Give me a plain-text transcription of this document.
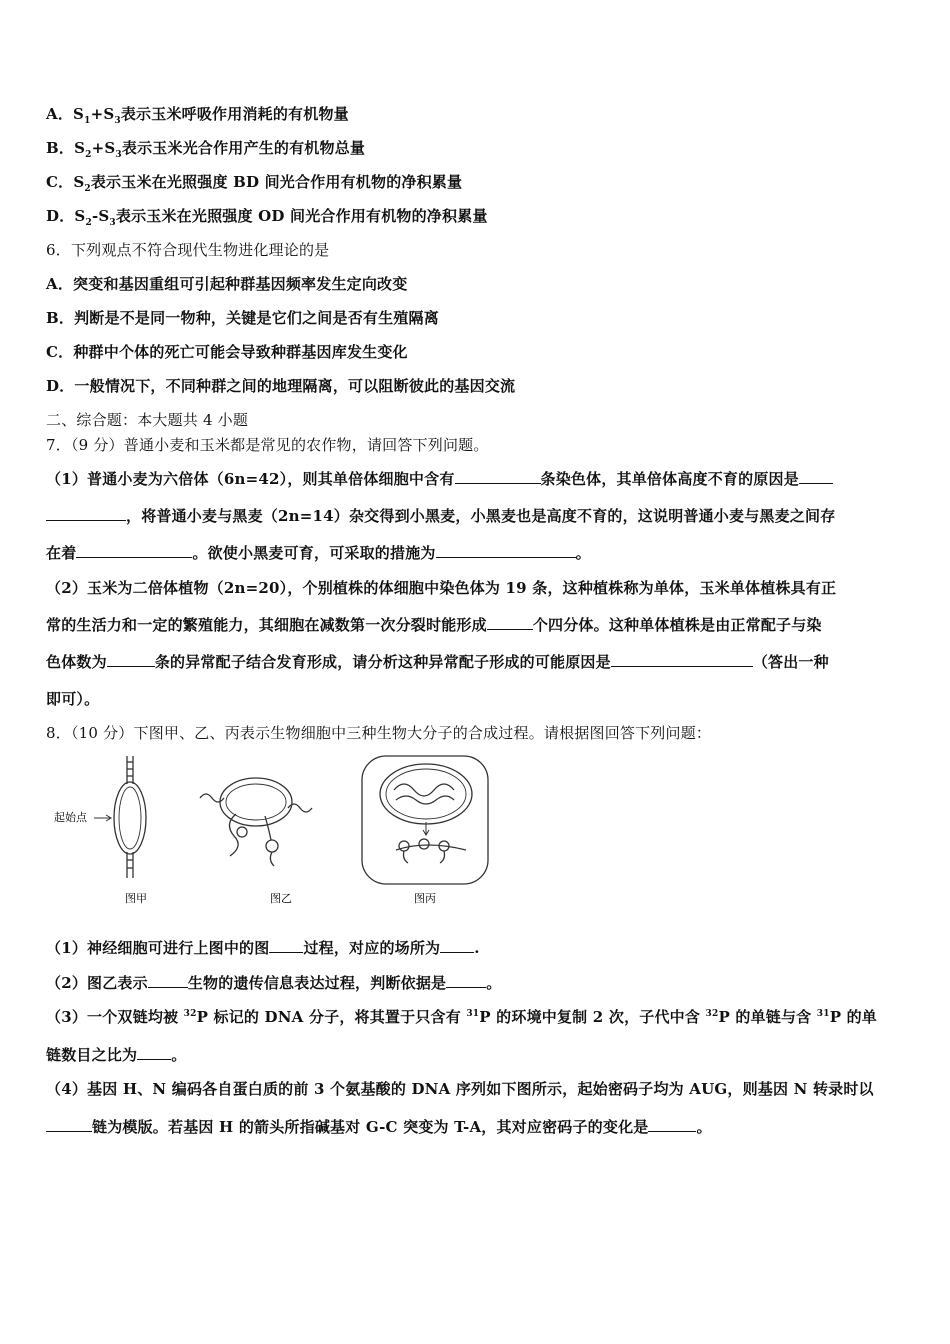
A．$S_1+S_3$表示玉米呼吸作用消耗的有机物量
B．$S_2+S_3$表示玉米光合作用产生的有机物总量
C．$S_2$表示玉米在光照强度 BD 间光合作用有机物的净积累量
D．$S_2-S_3$表示玉米在光照强度 OD 间光合作用有机物的净积累量
6．下列观点不符合现代生物进化理论的是
A．突变和基因重组可引起种群基因频率发生定向改变
B．判断是不是同一物种，关键是它们之间是否有生殖隔离
C．种群中个体的死亡可能会导致种群基因库发生变化
D．一般情况下，不同种群之间的地理隔离，可以阻断彼此的基因交流
二、综合题：本大题共 4 小题
7．（9 分）普通小麦和玉米都是常见的农作物，请回答下列问题。
（1）普通小麦为六倍体（6n=42），则其单倍体细胞中含有	条染色体，其单倍体高度不育的原因是
，将普通小麦与黑麦（2n=14）杂交得到小黑麦，小黑麦也是高度不育的，这说明普通小麦与黑麦之间存
在着	。欲使小黑麦可育，可采取的措施为	。
（2）玉米为二倍体植物（2n=20），个别植株的体细胞中染色体为 19 条，这种植株称为单体，玉米单体植株具有正
常的生活力和一定的繁殖能力，其细胞在减数第一次分裂时能形成	个四分体。这种单体植株是由正常配子与染
色体数为	条的异常配子结合发育形成，请分析这种异常配子形成的可能原因是	（答出一种
即可）。
8．（10 分）下图甲、乙、丙表示生物细胞中三种生物大分子的合成过程。请根据图回答下列问题：
起始点
图甲	图乙	图丙
（1）神经细胞可进行上图中的图 过程，对应的场所为 .
（2）图乙表示	生物的遗传信息表达过程，判断依据是	。
（3）一个双链均被 $^{32}$P 标记的 DNA 分子，将其置于只含有 $^{31}$P 的环境中复制 2 次，子代中含 $^{32}$P 的单链与含 $^{31}$P 的单
链数目之比为 。
（4）基因 H、N 编码各自蛋白质的前 3 个氨基酸的 DNA 序列如下图所示，起始密码子均为 AUG，则基因 N 转录时以
链为模版。若基因 H 的箭头所指碱基对 G-C 突变为 T-A，其对应密码子的变化是	。
